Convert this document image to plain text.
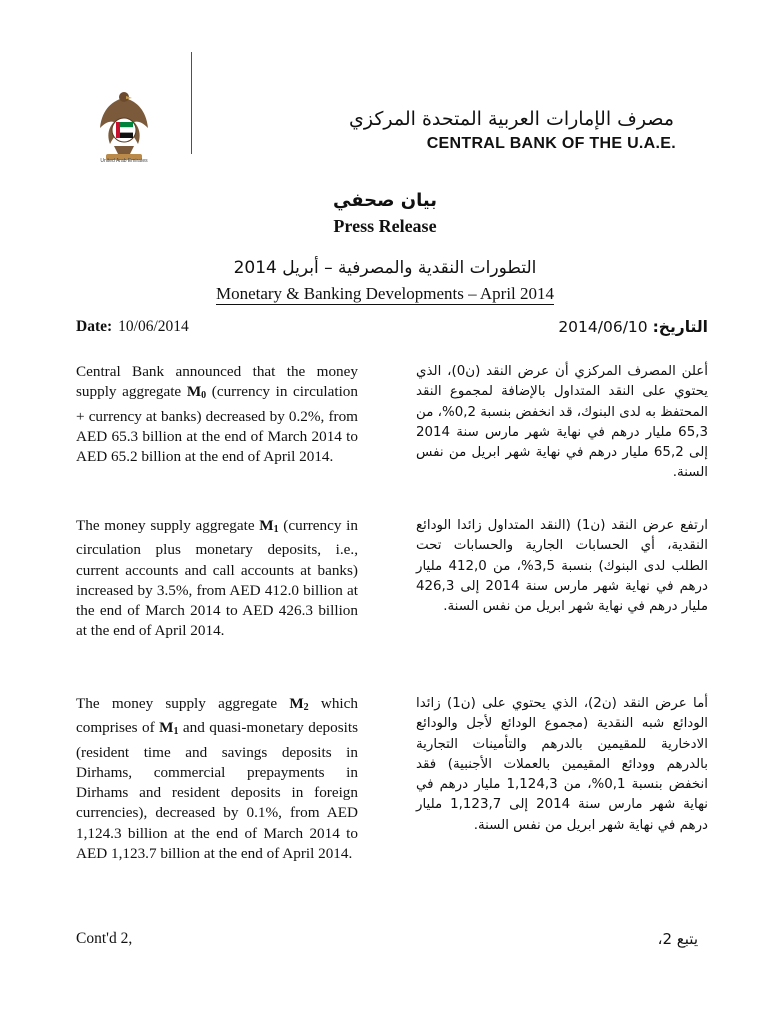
United Arab Emirates
مصرف الإمارات العربية المتحدة المركزي
CENTRAL BANK OF THE U.A.E.
بيان صحفي
Press Release
التطورات النقدية والمصرفية – أبريل 2014
Monetary & Banking Developments – April 2014
Date: 10/06/2014	التاريخ: 2014/06/10
Central Bank announced that the money supply aggregate $M_0$ (currency in circulation + currency at banks) decreased by 0.2%, from AED 65.3 billion at the end of March 2014 to AED 65.2 billion at the end of April 2014.
أعلن المصرف المركزي أن عرض النقد (ن0)، الذي يحتوي على النقد المتداول بالإضافة لمجموع النقد المحتفظ به لدى البنوك، قد انخفض بنسبة 0,2%، من 65,3 مليار درهم في نهاية شهر مارس سنة 2014 إلى 65,2 مليار درهم في نهاية شهر ابريل من نفس السنة.
The money supply aggregate $M_1$ (currency in circulation plus monetary deposits, i.e., current accounts and call accounts at banks) increased by 3.5%, from AED 412.0 billion at the end of March 2014 to AED 426.3 billion at the end of April 2014.
ارتفع عرض النقد (ن1) (النقد المتداول زائدا الودائع النقدية، أي الحسابات الجارية والحسابات تحت الطلب لدى البنوك) بنسبة 3,5%، من 412,0 مليار درهم في نهاية شهر مارس سنة 2014 إلى 426,3 مليار درهم في نهاية شهر ابريل من نفس السنة.
The money supply aggregate $M_2$ which comprises of $M_1$ and quasi-monetary deposits (resident time and savings deposits in Dirhams, commercial prepayments in Dirhams and resident deposits in foreign currencies), decreased by 0.1%, from AED 1,124.3 billion at the end of March 2014 to AED 1,123.7 billion at the end of April 2014.
أما عرض النقد (ن2)، الذي يحتوي على (ن1) زائدا الودائع شبه النقدية (مجموع الودائع لأجل والودائع الادخارية للمقيمين بالدرهم والتأمينات التجارية بالدرهم وودائع المقيمين بالعملات الأجنبية) فقد انخفض بنسبة 0,1%، من 1,124,3 مليار درهم في نهاية شهر مارس سنة 2014 إلى 1,123,7 مليار درهم في نهاية شهر ابريل من نفس السنة.
Cont'd 2,	يتبع 2،
